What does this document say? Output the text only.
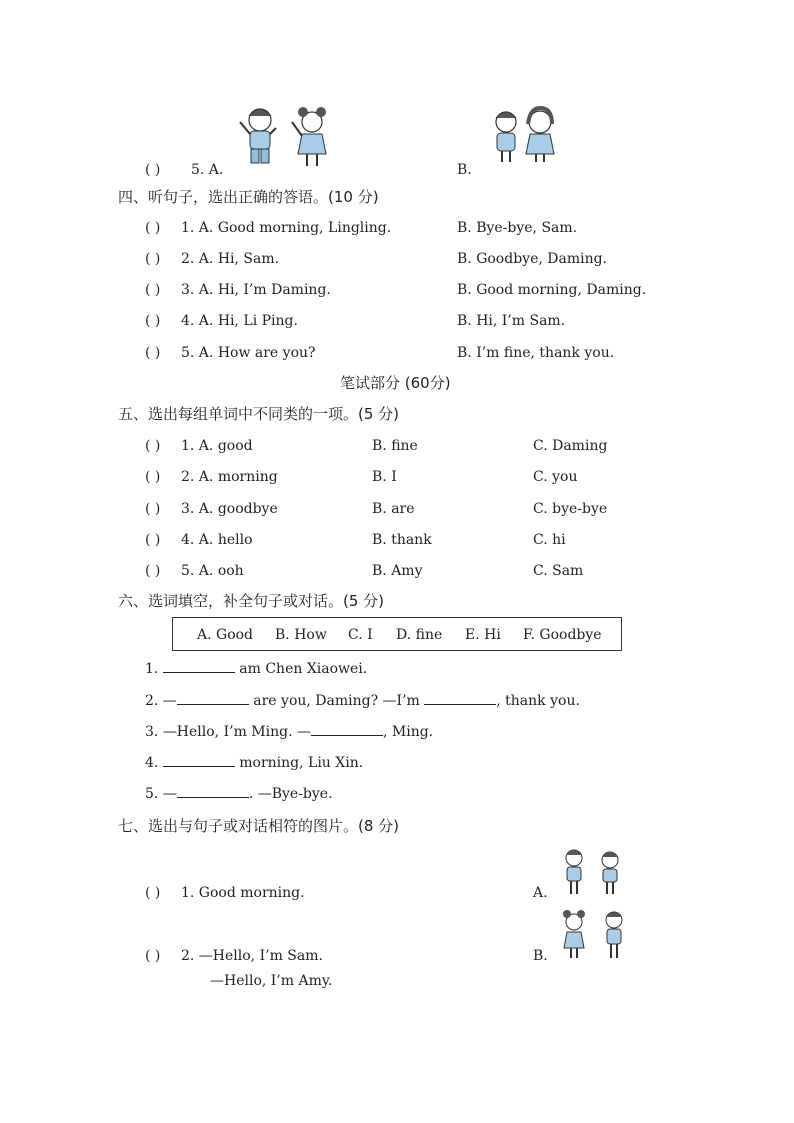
( ) 5. A.	B.
四、听句子，选出正确的答语。(10 分)
( ) 1. A. Good morning, Lingling.	B. Bye-bye, Sam.
( ) 2. A. Hi, Sam.	B. Goodbye, Daming.
( ) 3. A. Hi, I’m Daming.	B. Good morning, Daming.
( ) 4. A. Hi, Li Ping.	B. Hi, I’m Sam.
( ) 5. A. How are you?	B. I’m fine, thank you.
笔试部分 (60分)
五、选出每组单词中不同类的一项。(5 分)
( ) 1. A. good	B. fine	C. Daming
( ) 2. A. morning	B. I	C. you
( ) 3. A. goodbye	B. are	C. bye-bye
( ) 4. A. hello	B. thank	C. hi
( ) 5. A. ooh	B. Amy	C. Sam
六、选词填空，补全句子或对话。(5 分)
A. Good B. How C. I D. fine E. Hi F. Goodbye
1.	am Chen Xiaowei.
2. —	are you, Daming? —I’m	, thank you.
3. —Hello, I’m Ming. —	, Ming.
4.	morning, Liu Xin.
5. —	. —Bye-bye.
七、选出与句子或对话相符的图片。(8 分)
( ) 1. Good morning.	A.
( ) 2. —Hello, I’m Sam.
—Hello, I’m Amy.
B.
